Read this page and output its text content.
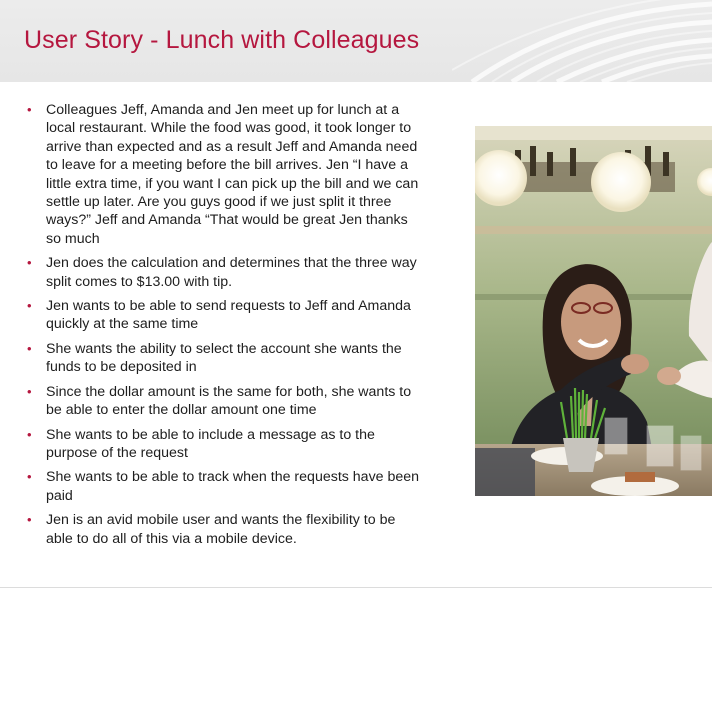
User Story - Lunch with Colleagues
• Colleagues Jeff, Amanda and Jen meet up for lunch at a local restaurant. While the food was good, it took longer to arrive than expected and as a result Jeff and Amanda need to leave for a meeting before the bill arrives. Jen “I have a little extra time, if you want I can pick up the bill and we can settle up later. Are you guys good if we just split it three ways?” Jeff and Amanda “That would be great Jen thanks so much
• Jen does the calculation and determines that the three way split comes to $13.00 with tip.
• Jen wants to be able to send requests to Jeff and Amanda quickly at the same time
• She wants the ability to select the account she wants the funds to be deposited in
• Since the dollar amount is the same for both, she wants to be able to enter the dollar amount one time
• She wants to be able to include a message as to the purpose of the request
• She wants to be able to track when the requests have been paid
• Jen is an avid mobile user and wants the flexibility to be able to do all of this via a mobile device.
